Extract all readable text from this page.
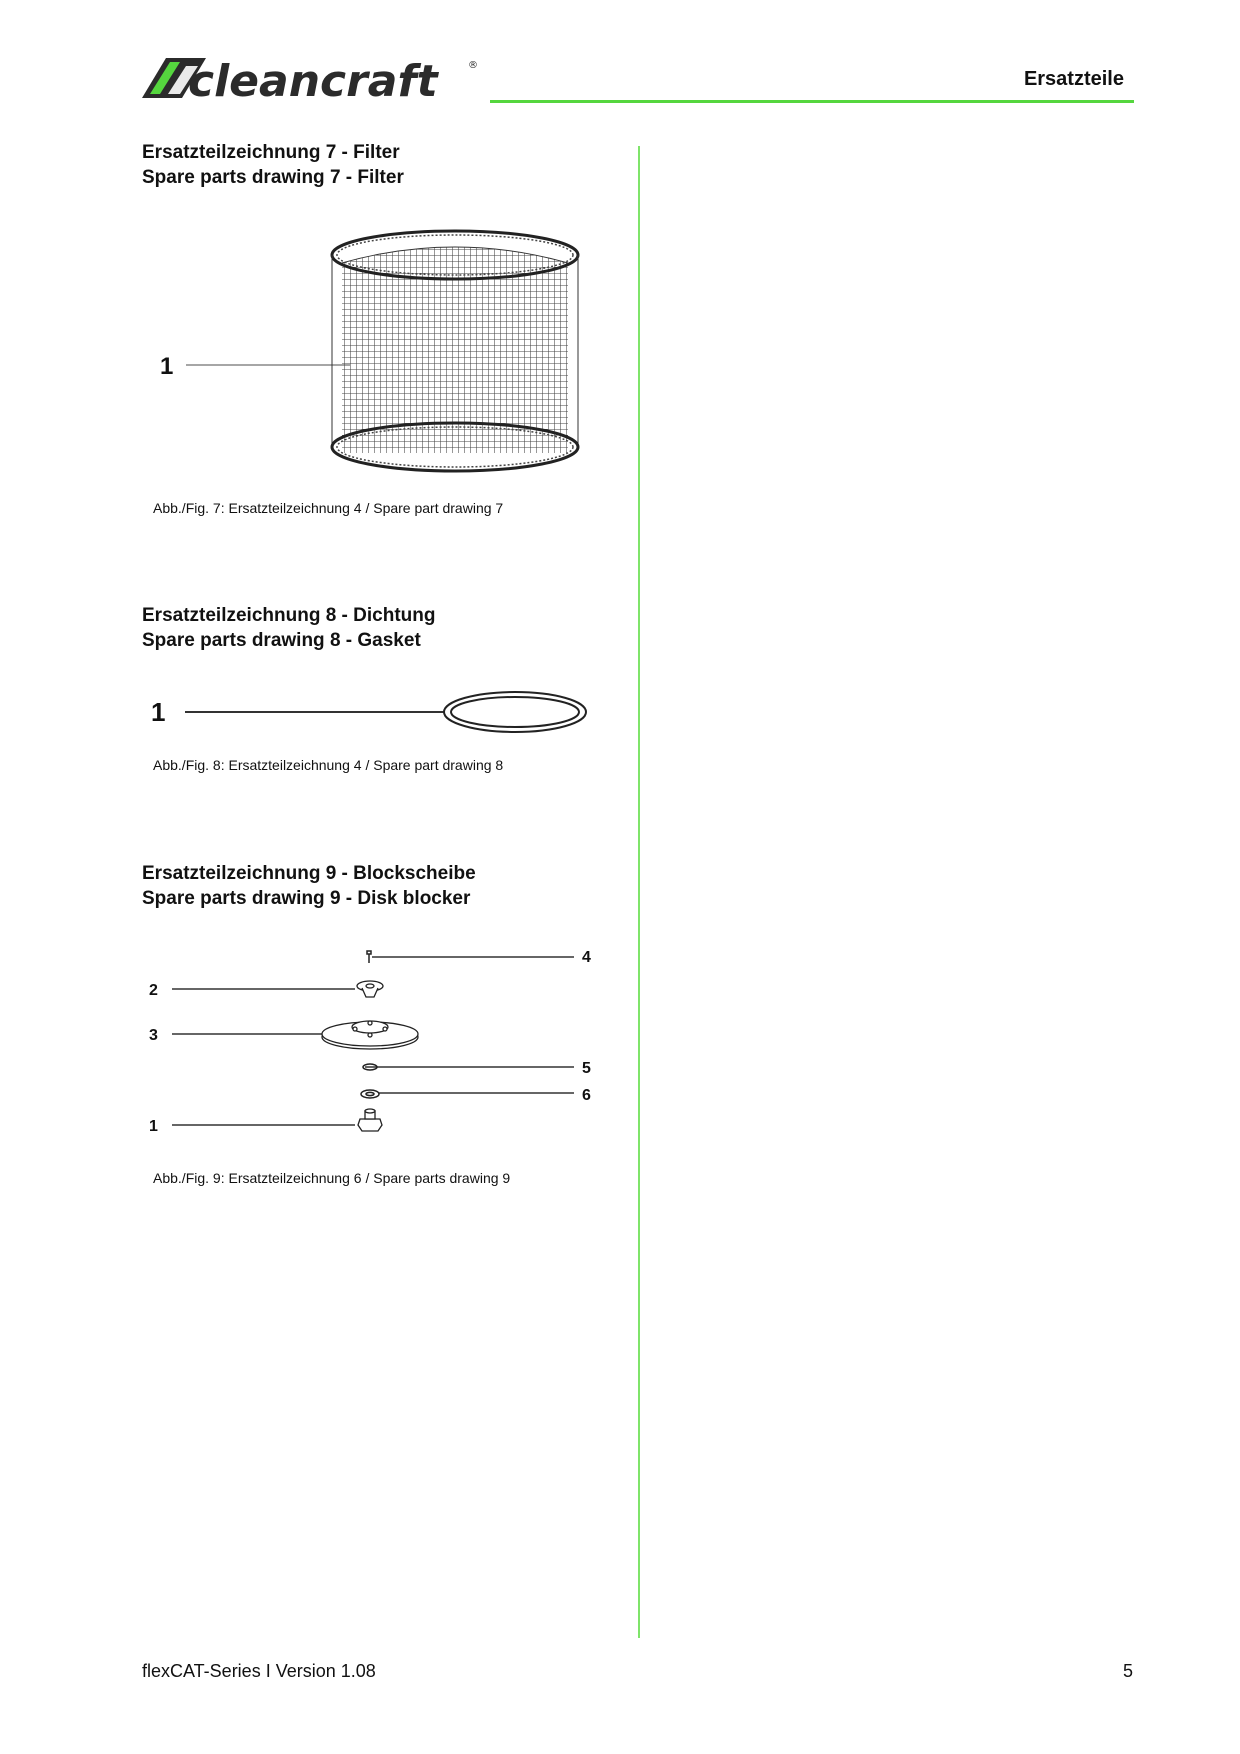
cleancraft	®
Ersatzteile
Ersatzteilzeichnung 7 - Filter
Spare parts drawing 7 - Filter
1
Abb./Fig. 7: Ersatzteilzeichnung 4 / Spare part drawing 7
Ersatzteilzeichnung 8 - Dichtung
Spare parts drawing 8 - Gasket
1
Abb./Fig. 8: Ersatzteilzeichnung 4 / Spare part drawing 8
Ersatzteilzeichnung 9 - Blockscheibe
Spare parts drawing 9 - Disk blocker
4
2
3
5
6
1
Abb./Fig. 9: Ersatzteilzeichnung 6 / Spare parts drawing 9
flexCAT-Series I Version 1.08	5
